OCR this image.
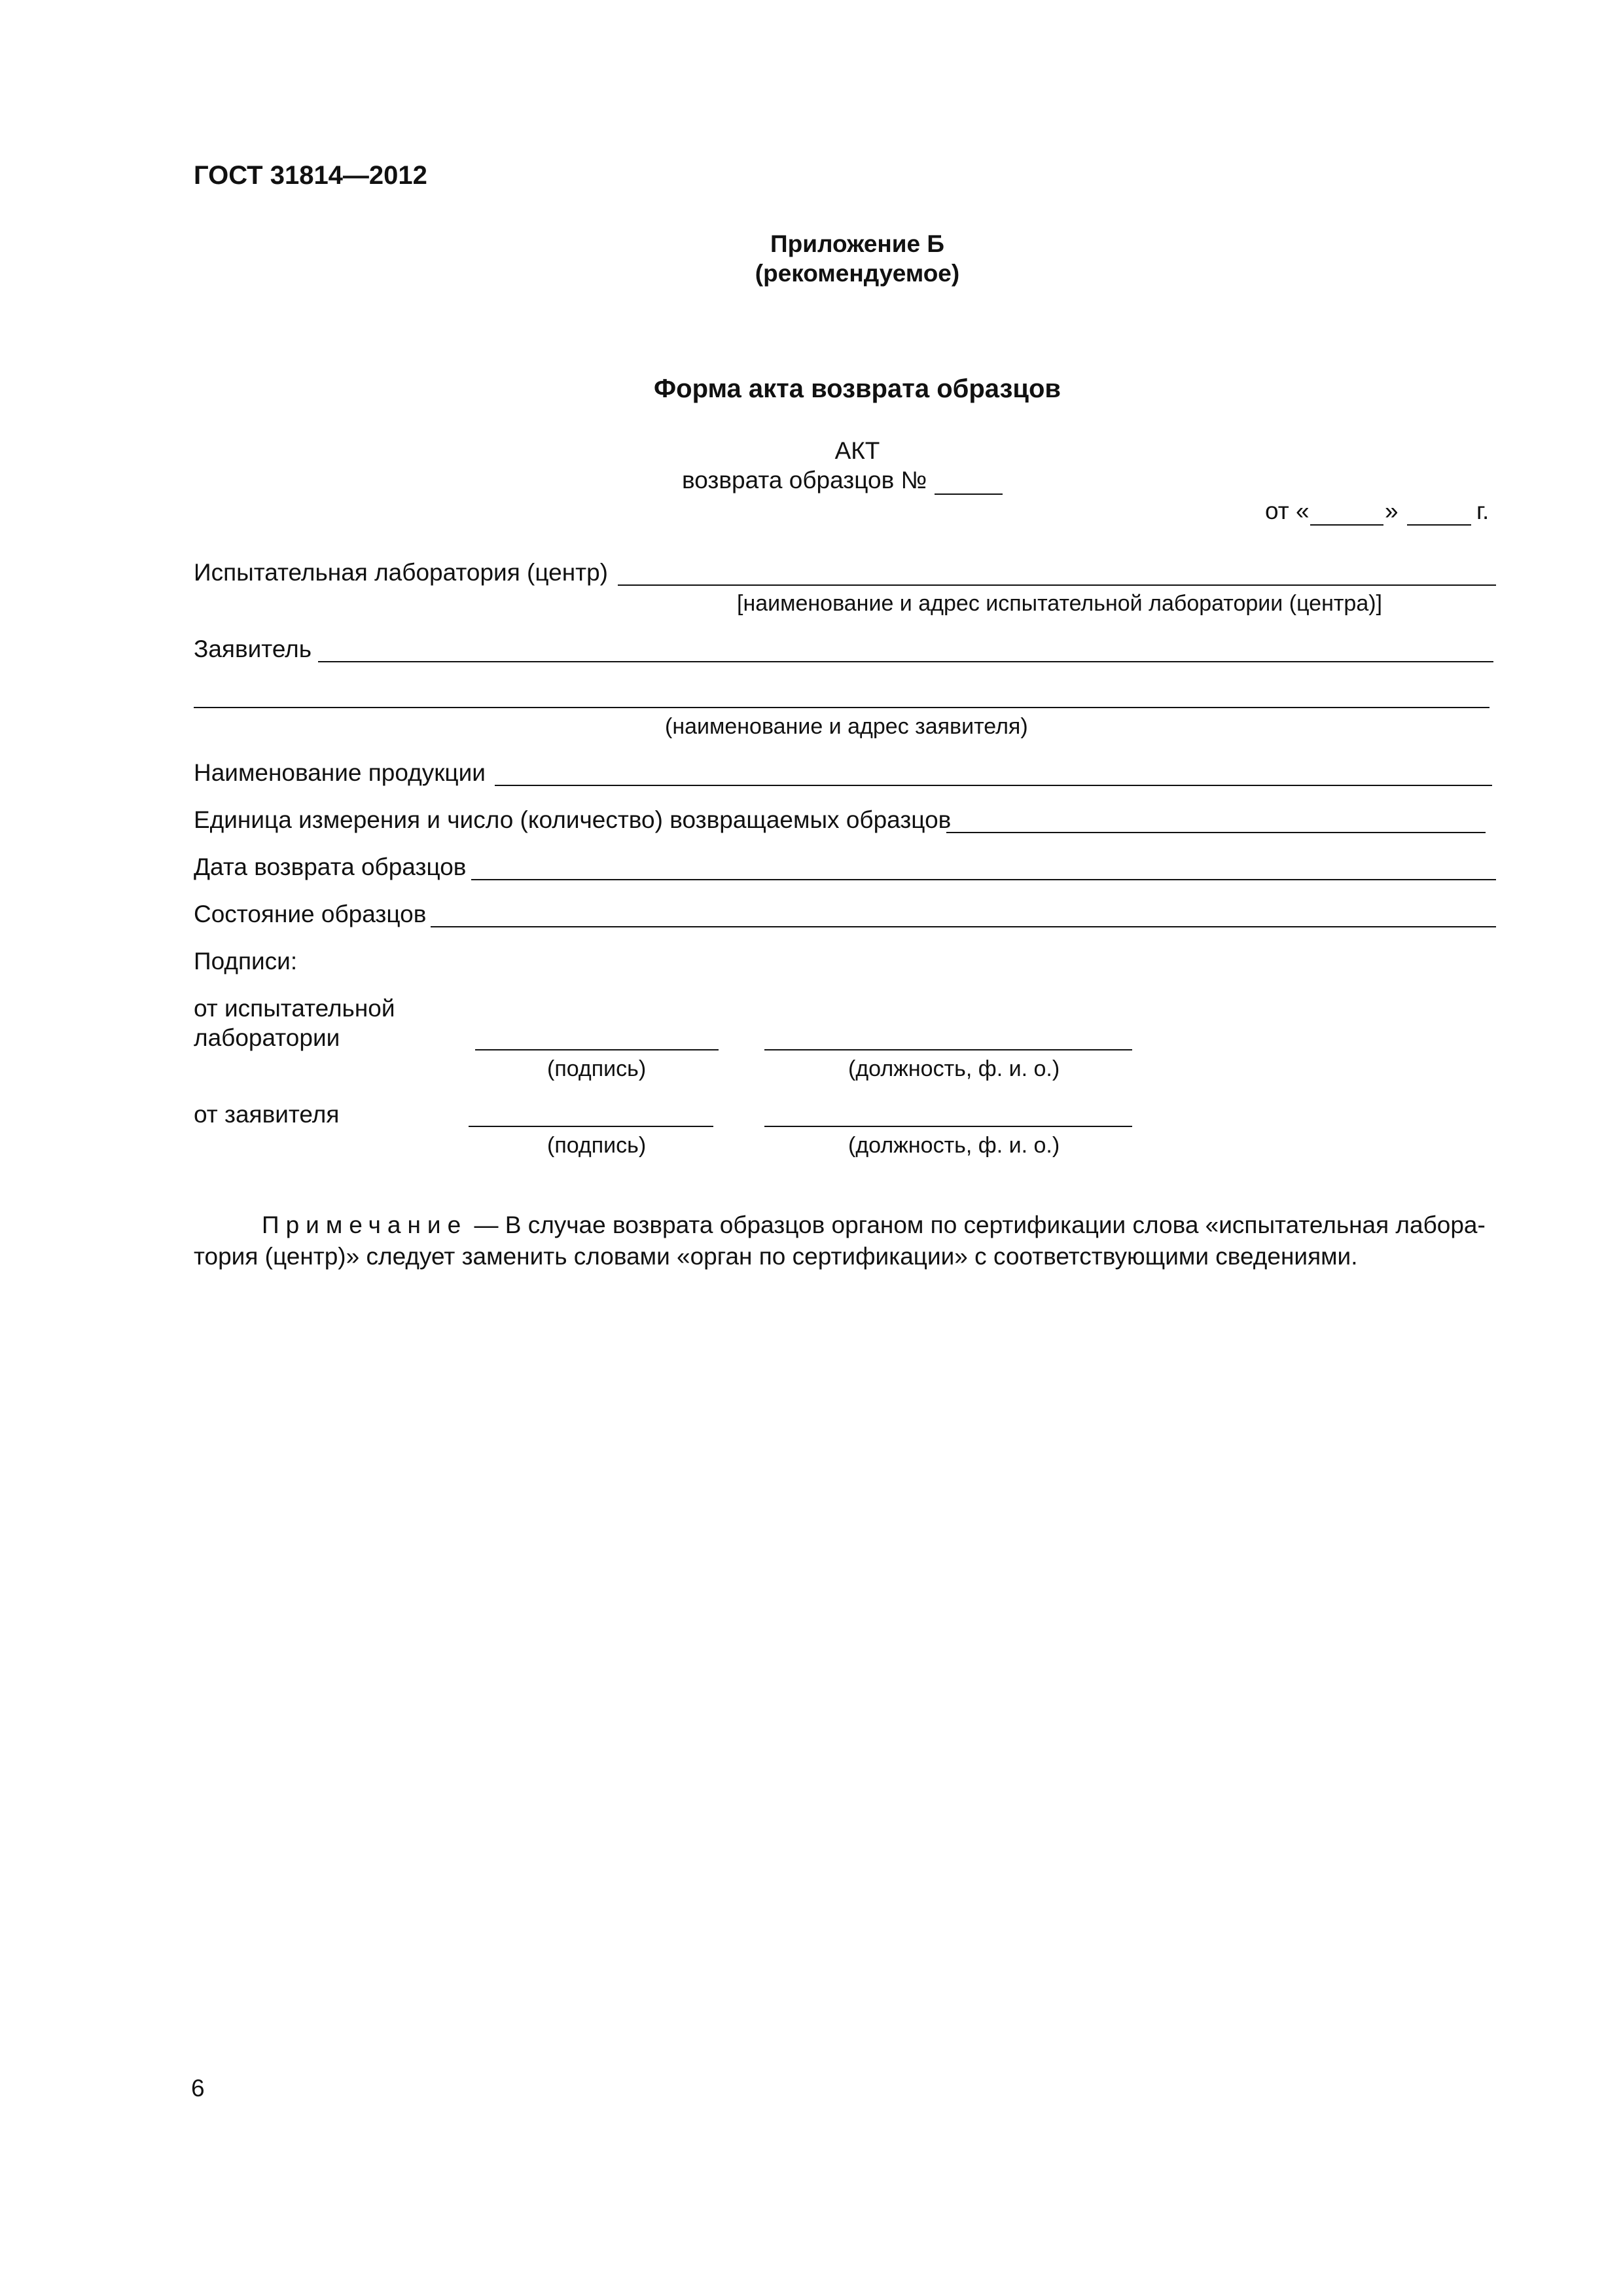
ГОСТ 31814—2012
Приложение Б
(рекомендуемое)
Форма акта возврата образцов
АКТ
возврата образцов №
от «	»	г.
Испытательная лаборатория (центр)
[наименование и адрес испытательной лаборатории (центра)]
Заявитель
(наименование и адрес заявителя)
Наименование продукции
Единица измерения и число (количество) возвращаемых образцов
Дата возврата образцов
Состояние образцов
Подписи:
от испытательной
лаборатории
(подпись)	(должность, ф. и. о.)
от заявителя
(подпись)	(должность, ф. и. о.)
Примечание — В случае возврата образцов органом по сертификации слова «испытательная лабора-
тория (центр)» следует заменить словами «орган по сертификации» с соответствующими сведениями.
6
